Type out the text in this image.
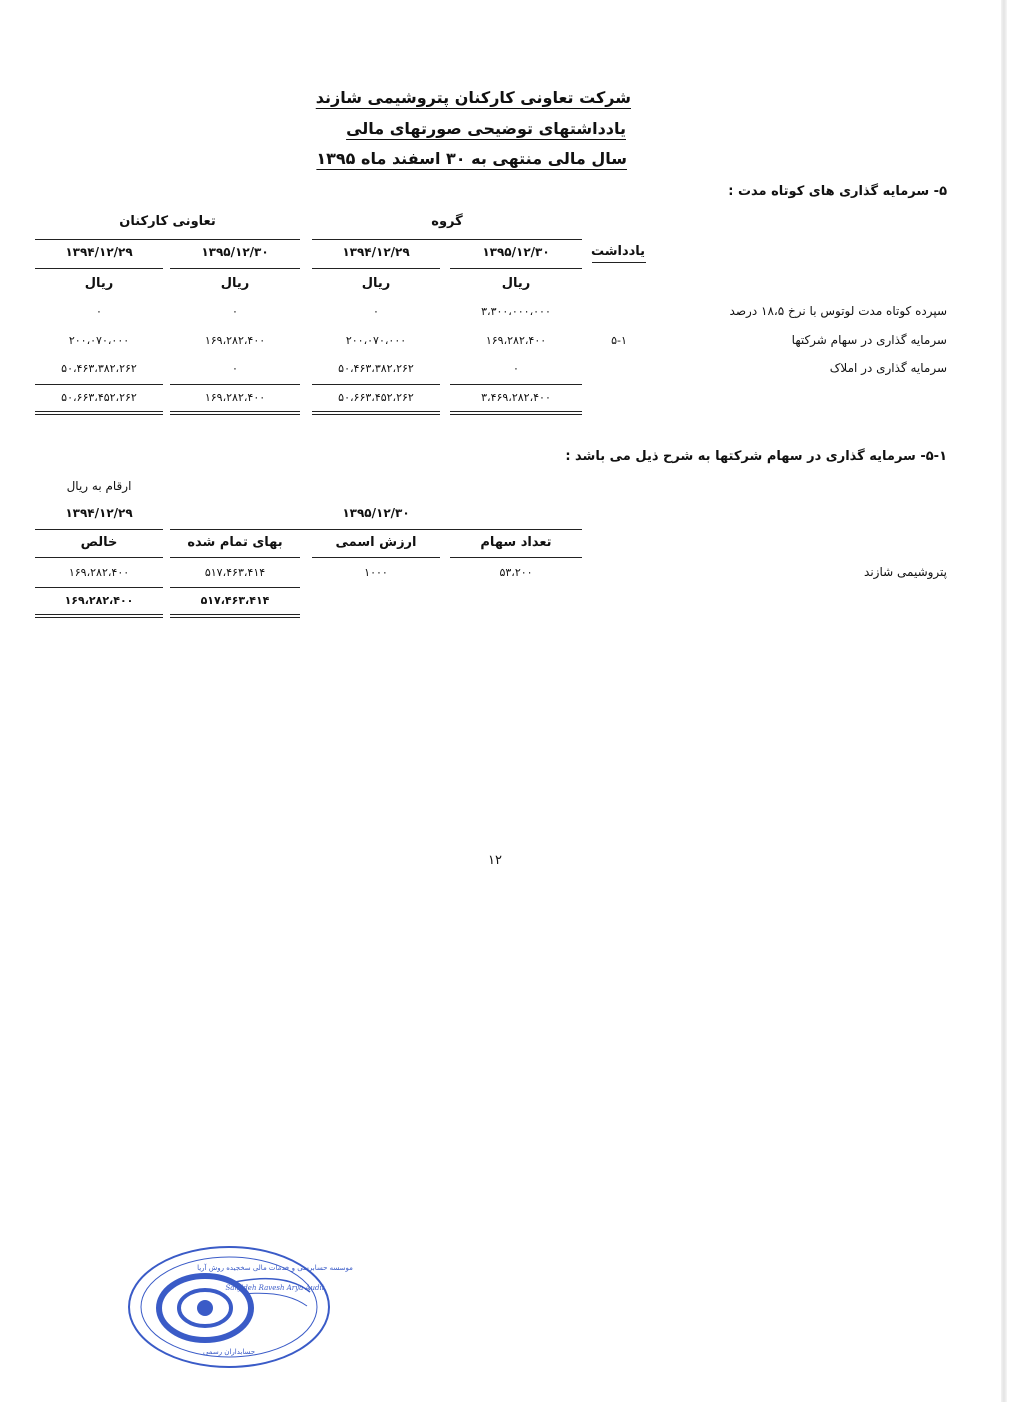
شرکت تعاونی کارکنان پتروشیمی شازند
یادداشتهای توضیحی صورتهای مالی
سال مالی منتهی به ۳۰ اسفند ماه ۱۳۹۵
۵- سرمایه گذاری های کوتاه مدت :
گروه
تعاونی کارکنان
یادداشت
۱۳۹۵/۱۲/۳۰
۱۳۹۴/۱۲/۲۹
۱۳۹۵/۱۲/۳۰
۱۳۹۴/۱۲/۲۹
ریال
ریال
ریال
ریال
سپرده کوتاه مدت لوتوس با نرخ ۱۸،۵ درصد
۳،۳۰۰،۰۰۰،۰۰۰
۰
۰
۰
سرمایه گذاری در سهام شرکتها
۵-۱
۱۶۹،۲۸۲،۴۰۰
۲۰۰،۰۷۰،۰۰۰
۱۶۹،۲۸۲،۴۰۰
۲۰۰،۰۷۰،۰۰۰
سرمایه گذاری در املاک
۰
۵۰،۴۶۳،۳۸۲،۲۶۲
۰
۵۰،۴۶۳،۳۸۲،۲۶۲
۳،۴۶۹،۲۸۲،۴۰۰
۵۰،۶۶۳،۴۵۲،۲۶۲
۱۶۹،۲۸۲،۴۰۰
۵۰،۶۶۳،۴۵۲،۲۶۲
۵-۱- سرمایه گذاری در سهام شرکتها به شرح ذیل می باشد :
ارقام به ریال
۱۳۹۵/۱۲/۳۰
۱۳۹۴/۱۲/۲۹
تعداد سهام
ارزش اسمی
بهای تمام شده
خالص
پتروشیمی شازند
۵۳،۲۰۰
۱۰۰۰
۵۱۷،۴۶۳،۴۱۴
۱۶۹،۲۸۲،۴۰۰
۵۱۷،۴۶۳،۴۱۴
۱۶۹،۲۸۲،۴۰۰
۱۲
موسسه حسابرسی و خدمات مالی سخجیده روش آریا
Sanjideh Ravesh Arya Audit
حسابداران رسمی
